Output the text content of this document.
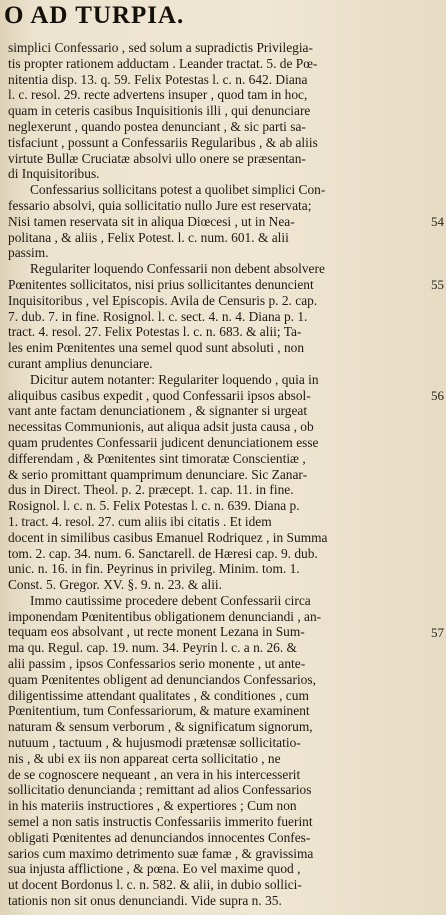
O AD TURPIA.
simplici Confessario , sed solum a supradictis Privilegia-
tis propter rationem adductam . Leander tractat. 5. de Pœ-
nitentia disp. 13. q. 59. Felix Potestas l. c. n. 642. Diana
l. c. resol. 29. recte advertens insuper , quod tam in hoc,
quam in ceteris casibus Inquisitionis illi , qui denunciare
neglexerunt , quando postea denunciant , & sic parti sa-
tisfaciunt , possunt a Confessariis Regularibus , & ab aliis
virtute Bullæ Cruciatæ absolvi ullo onere se præsentan-
di Inquisitoribus.
Confessarius sollicitans potest a quolibet simplici Con-
fessario absolvi, quia sollicitatio nullo Jure est reservata;
Nisi tamen reservata sit in aliqua Diœcesi , ut in Nea-
politana , & aliis , Felix Potest. l. c. num. 601. & alii
passim.
Regulariter loquendo Confessarii non debent absolvere
Pœnitentes sollicitatos, nisi prius sollicitantes denuncient
Inquisitoribus , vel Episcopis. Avila de Censuris p. 2. cap.
7. dub. 7. in fine. Rosignol. l. c. sect. 4. n. 4. Diana p. 1.
tract. 4. resol. 27. Felix Potestas l. c. n. 683. & alii; Ta-
les enim Pœnitentes una semel quod sunt absoluti , non
curant amplius denunciare.
Dicitur autem notanter: Regulariter loquendo , quia in
aliquibus casibus expedit , quod Confessarii ipsos absol-
vant ante factam denunciationem , & signanter si urgeat
necessitas Communionis, aut aliqua adsit justa causa , ob
quam prudentes Confessarii judicent denunciationem esse
differendam , & Pœnitentes sint timoratæ Conscientiæ ,
& serio promittant quamprimum denunciare. Sic Zanar-
dus in Direct. Theol. p. 2. præcept. 1. cap. 11. in fine.
Rosignol. l. c. n. 5. Felix Potestas l. c. n. 639. Diana p.
1. tract. 4. resol. 27. cum aliis ibi citatis . Et idem
docent in similibus casibus Emanuel Rodriquez , in Summa
tom. 2. cap. 34. num. 6. Sanctarell. de Hæresi cap. 9. dub.
unic. n. 16. in fin. Peyrinus in privileg. Minim. tom. 1.
Const. 5. Gregor. XV. §. 9. n. 23. & alii.
Immo cautissime procedere debent Confessarii circa
imponendam Pœnitentibus obligationem denunciandi , an-
tequam eos absolvant , ut recte monent Lezana in Sum-
ma qu. Regul. cap. 19. num. 34. Peyrin l. c. a n. 26. &
alii passim , ipsos Confessarios serio monente , ut ante-
quam Pœnitentes obligent ad denunciandos Confessarios,
diligentissime attendant qualitates , & conditiones , cum
Pœnitentium, tum Confessariorum, & mature examinent
naturam & sensum verborum , & significatum signorum,
nutuum , tactuum , & hujusmodi prætensæ sollicitatio-
nis , & ubi ex iis non appareat certa sollicitatio , ne
de se cognoscere nequeant , an vera in his intercesserit
sollicitatio denuncianda ; remittant ad alios Confessarios
in his materiis instructiores , & expertiores ; Cum non
semel a non satis instructis Confessariis immerito fuerint
obligati Pœnitentes ad denunciandos innocentes Confes-
sarios cum maximo detrimento suæ famæ , & gravissima
sua injusta afflictione , & pœna. Eo vel maxime quod ,
ut docent Bordonus l. c. n. 582. & alii, in dubio sollici-
tationis non sit onus denunciandi. Vide supra n. 35.
54
55
56
57
